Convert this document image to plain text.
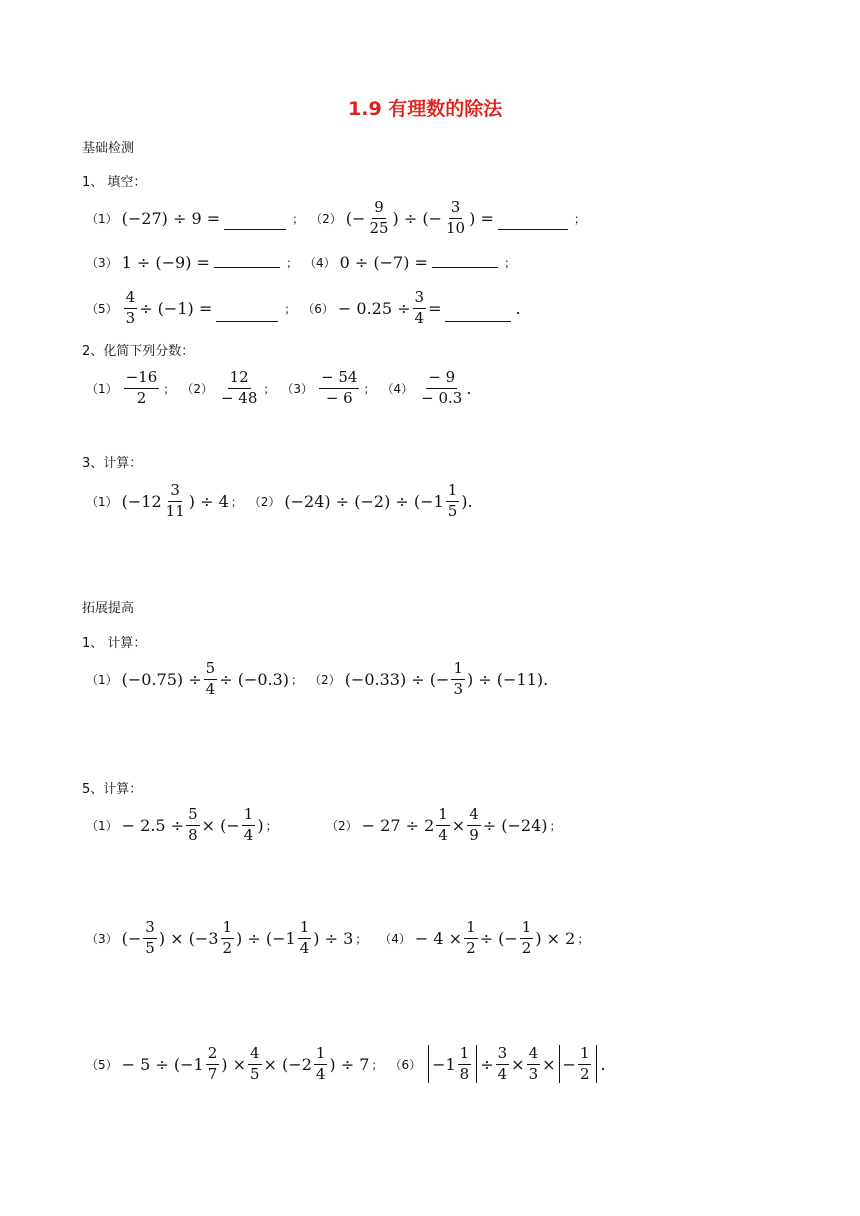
1.9 有理数的除法
基础检测
1、 填空：
（1） (−27) ÷ 9 =	； （2） (− $\frac{9}{25}$ ) ÷ (− $\frac{3}{10}$ ) =	；
（3） 1 ÷ (−9) =	； （4） 0 ÷ (−7) =	；
$(5) \frac{4}{3} \div (-1)$ =	； $(6) - 0.25 \div \frac{3}{4}$ =	.
2、化简下列分数：
$(1) \frac{-16}{2}$ ； $(2) \frac{12}{- 48}$ ； $(3) \frac{- 54}{- 6}$ ； $(4) \frac{- 9}{- 0.3}$ .
3、计算：
（1） ($-12 \frac{3}{11}$ ) ÷ 4 ； （2） $(-24) \div (-2) \div (-1 \frac{1}{5}$ ) .
拓展提高
1、 计算：
（1） $(-0.75) \div \frac{5}{4} \div (-0.3)$ ； （2） (−0.33) ÷ (− $\frac{1}{3}$ ) ÷ (−11) .
5、计算：
$(1) - 2.5 \div \frac{5}{8}$ × (− $\frac{1}{4}$ ) ；	$(2) - 27 \div 2 \frac{1}{4} \times \frac{4}{9} \div (-24)$ ；
（3） (− $\frac{3}{5}$ ) × ($-3 \frac{1}{2}$ ) ÷ ($-1 \frac{1}{4}$ ) ÷ 3 ； $(4) - 4 \times \frac{1}{2}$ ÷ (− $\frac{1}{2}$ ) × 2 ；
$(5) - 5 \div (-1 \frac{2}{7}$ ) × $\frac{4}{5} \times (-2 \frac{1}{4}$ ) ÷ 7 ； $(6) -1 \frac{1}{8} \div \frac{3}{4} \times \frac{4}{3}$ × − $\frac{1}{2}$ .
